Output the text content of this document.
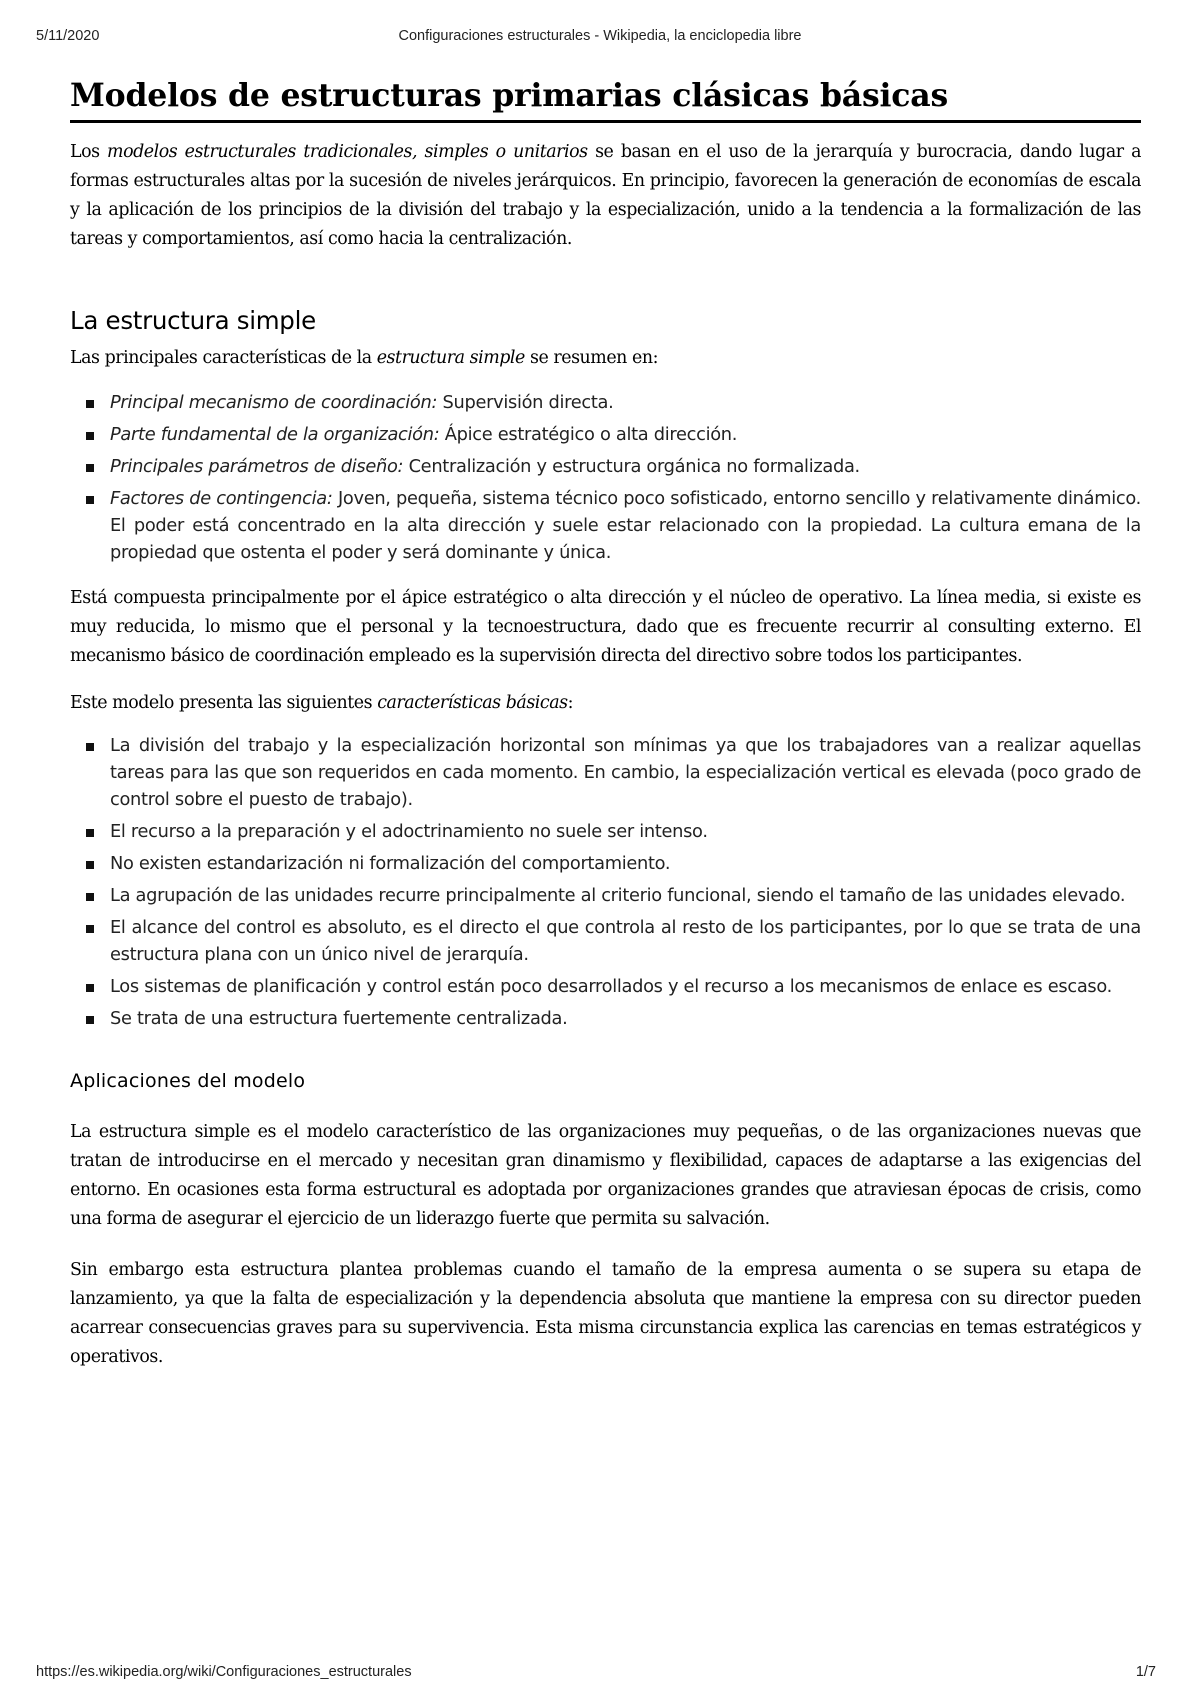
5/11/2020	Configuraciones estructurales - Wikipedia, la enciclopedia libre
Modelos de estructuras primarias clásicas básicas

Los modelos estructurales tradicionales, simples o unitarios se basan en el uso de la jerarquía y burocracia, dando lugar a formas estructurales altas por la sucesión de niveles jerárquicos. En principio, favorecen la generación de economías de escala y la aplicación de los principios de la división del trabajo y la especialización, unido a la tendencia a la formalización de las tareas y comportamientos, así como hacia la centralización.

La estructura simple

Las principales características de la estructura simple se resumen en:

Principal mecanismo de coordinación: Supervisión directa.
Parte fundamental de la organización: Ápice estratégico o alta dirección.
Principales parámetros de diseño: Centralización y estructura orgánica no formalizada.
Factores de contingencia: Joven, pequeña, sistema técnico poco sofisticado, entorno sencillo y relativamente dinámico. El poder está concentrado en la alta dirección y suele estar relacionado con la propiedad. La cultura emana de la propiedad que ostenta el poder y será dominante y única.

Está compuesta principalmente por el ápice estratégico o alta dirección y el núcleo de operativo. La línea media, si existe es muy reducida, lo mismo que el personal y la tecnoestructura, dado que es frecuente recurrir al consulting externo. El mecanismo básico de coordinación empleado es la supervisión directa del directivo sobre todos los participantes.

Este modelo presenta las siguientes características básicas:

La división del trabajo y la especialización horizontal son mínimas ya que los trabajadores van a realizar aquellas tareas para las que son requeridos en cada momento. En cambio, la especialización vertical es elevada (poco grado de control sobre el puesto de trabajo).
El recurso a la preparación y el adoctrinamiento no suele ser intenso.
No existen estandarización ni formalización del comportamiento.
La agrupación de las unidades recurre principalmente al criterio funcional, siendo el tamaño de las unidades elevado.
El alcance del control es absoluto, es el directo el que controla al resto de los participantes, por lo que se trata de una estructura plana con un único nivel de jerarquía.
Los sistemas de planificación y control están poco desarrollados y el recurso a los mecanismos de enlace es escaso.
Se trata de una estructura fuertemente centralizada.
Aplicaciones del modelo

La estructura simple es el modelo característico de las organizaciones muy pequeñas, o de las organizaciones nuevas que tratan de introducirse en el mercado y necesitan gran dinamismo y flexibilidad, capaces de adaptarse a las exigencias del entorno. En ocasiones esta forma estructural es adoptada por organizaciones grandes que atraviesan épocas de crisis, como una forma de asegurar el ejercicio de un liderazgo fuerte que permita su salvación.

Sin embargo esta estructura plantea problemas cuando el tamaño de la empresa aumenta o se supera su etapa de lanzamiento, ya que la falta de especialización y la dependencia absoluta que mantiene la empresa con su director pueden acarrear consecuencias graves para su supervivencia. Esta misma circunstancia explica las carencias en temas estratégicos y operativos.

https://es.wikipedia.org/wiki/Configuraciones_estructurales	1/7
